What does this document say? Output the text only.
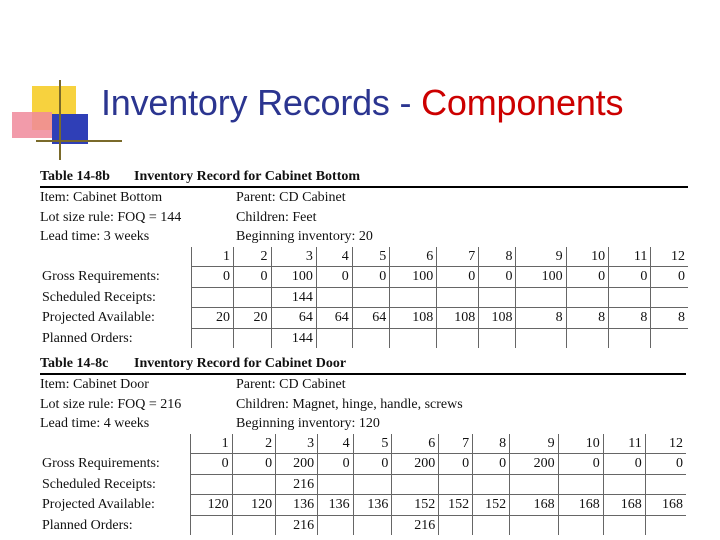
Inventory Records - Components
Table 14-8b Inventory Record for Cabinet Bottom
Item: Cabinet Bottom	Parent: CD Cabinet
Lot size rule: FOQ = 144	Children: Feet
Lead time: 3 weeks	Beginning inventory: 20
	1	2	3	4	5	6	7	8	9	10	11	12
Gross Requirements:	0	0	100	0	0	100	0	0	100	0	0	0
Scheduled Receipts:			144									
Projected Available:	20	20	64	64	64	108	108	108	8	8	8	8
Planned Orders:			144									
Table 14-8c Inventory Record for Cabinet Door
Item: Cabinet Door	Parent: CD Cabinet
Lot size rule: FOQ = 216	Children: Magnet, hinge, handle, screws
Lead time: 4 weeks	Beginning inventory: 120
	1	2	3	4	5	6	7	8	9	10	11	12
Gross Requirements:	0	0	200	0	0	200	0	0	200	0	0	0
Scheduled Receipts:			216									
Projected Available:	120	120	136	136	136	152	152	152	168	168	168	168
Planned Orders:			216			216						
